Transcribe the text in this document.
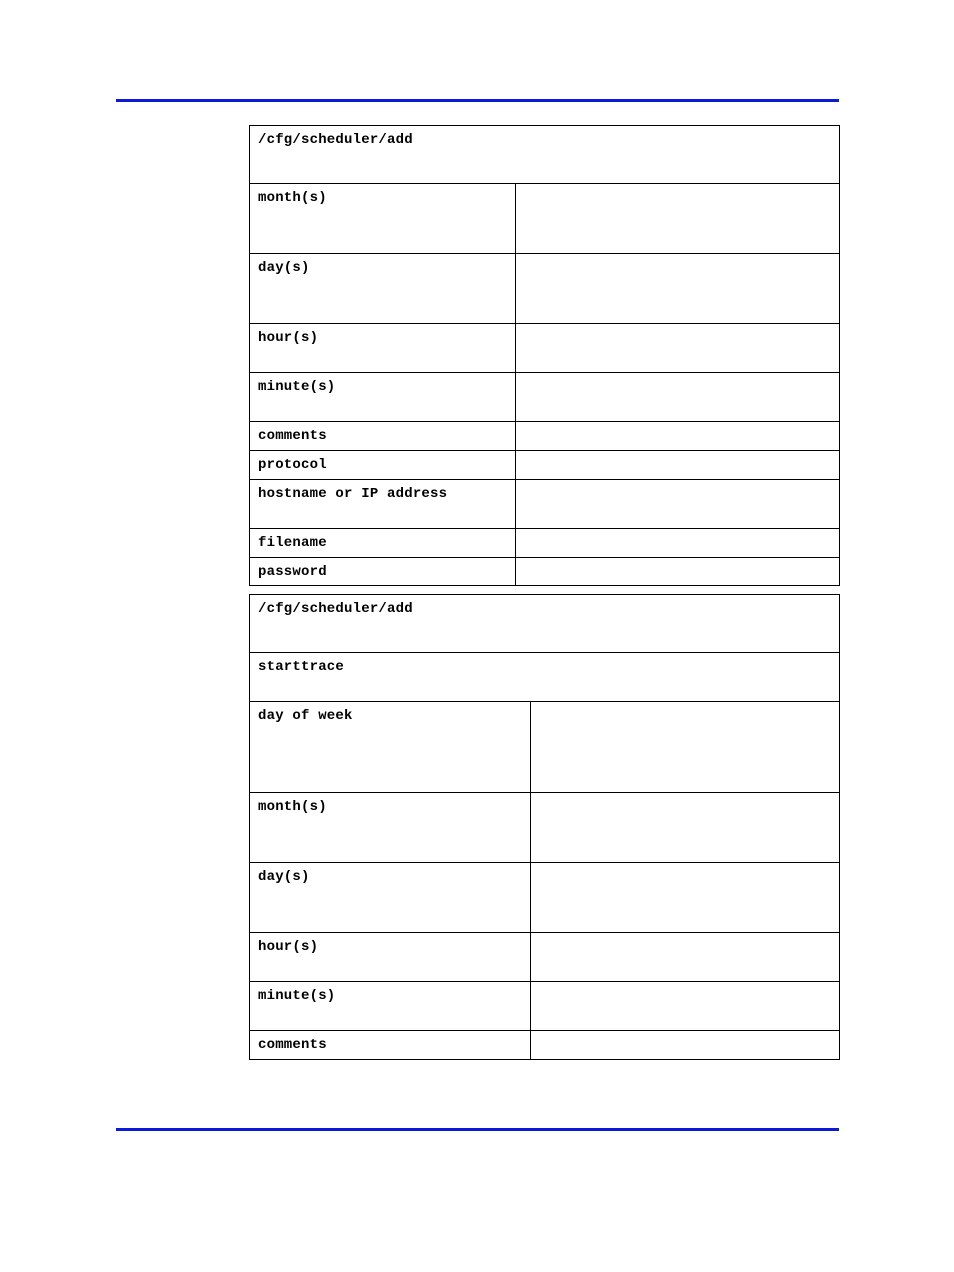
/cfg/scheduler/add	
month(s)	
day(s)	
hour(s)	
minute(s)	
comments	
protocol	
hostname or IP address	
filename	
password	
/cfg/scheduler/add	
starttrace	
day of week	
month(s)	
day(s)	
hour(s)	
minute(s)	
comments	
